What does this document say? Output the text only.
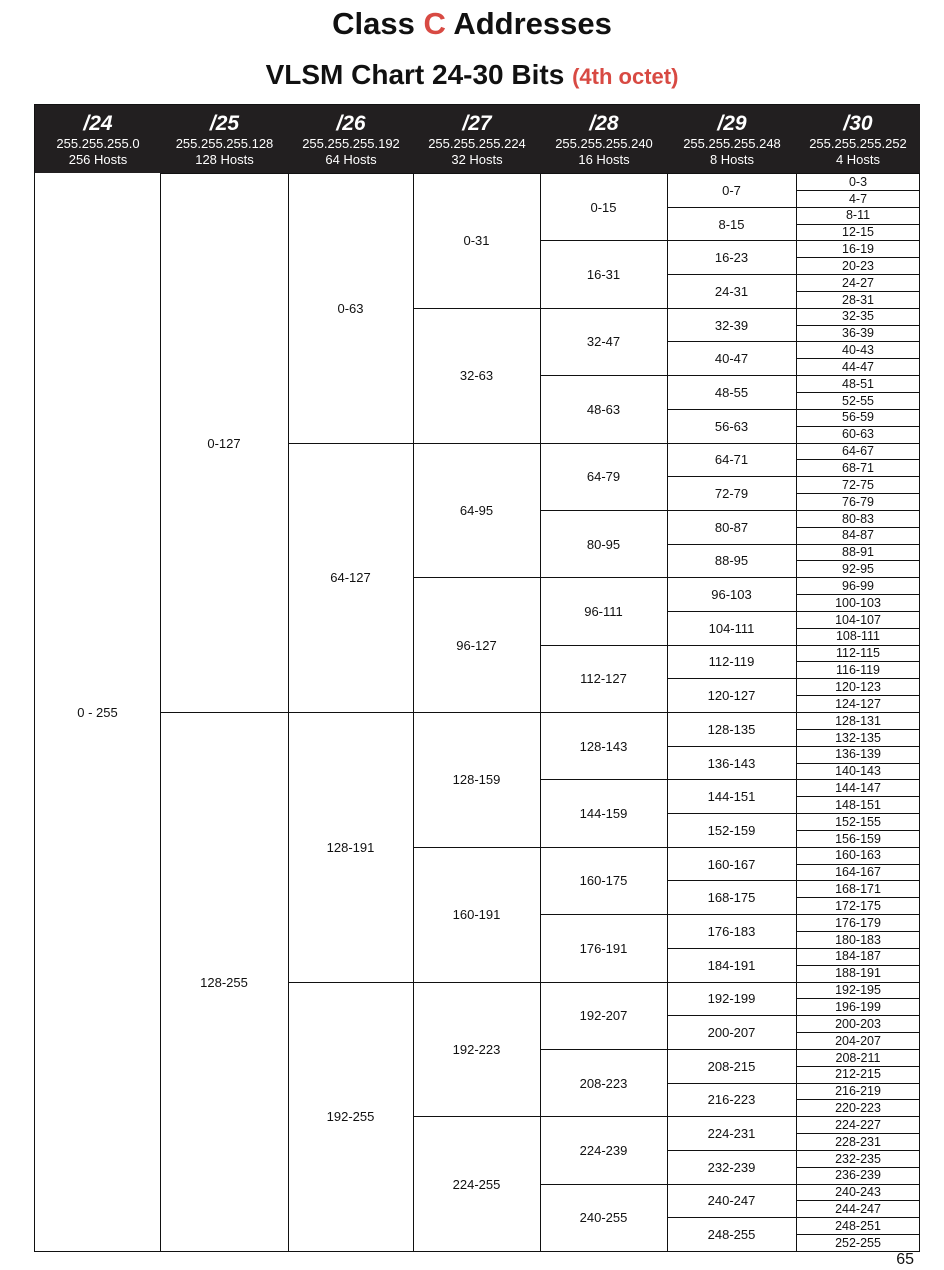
Class C Addresses
VLSM Chart 24-30 Bits (4th octet)
/24
255.255.255.0
256 Hosts
/25
255.255.255.128
128 Hosts
/26
255.255.255.192
64 Hosts
/27
255.255.255.224
32 Hosts
/28
255.255.255.240
16 Hosts
/29
255.255.255.248
8 Hosts
/30
255.255.255.252
4 Hosts
0 - 255
0-127
128-255
0-63
64-127
128-191
192-255
0-31
32-63
64-95
96-127
128-159
160-191
192-223
224-255
0-15
16-31
32-47
48-63
64-79
80-95
96-111
112-127
128-143
144-159
160-175
176-191
192-207
208-223
224-239
240-255
0-7
8-15
16-23
24-31
32-39
40-47
48-55
56-63
64-71
72-79
80-87
88-95
96-103
104-111
112-119
120-127
128-135
136-143
144-151
152-159
160-167
168-175
176-183
184-191
192-199
200-207
208-215
216-223
224-231
232-239
240-247
248-255
0-3
4-7
8-11
12-15
16-19
20-23
24-27
28-31
32-35
36-39
40-43
44-47
48-51
52-55
56-59
60-63
64-67
68-71
72-75
76-79
80-83
84-87
88-91
92-95
96-99
100-103
104-107
108-111
112-115
116-119
120-123
124-127
128-131
132-135
136-139
140-143
144-147
148-151
152-155
156-159
160-163
164-167
168-171
172-175
176-179
180-183
184-187
188-191
192-195
196-199
200-203
204-207
208-211
212-215
216-219
220-223
224-227
228-231
232-235
236-239
240-243
244-247
248-251
252-255
65
